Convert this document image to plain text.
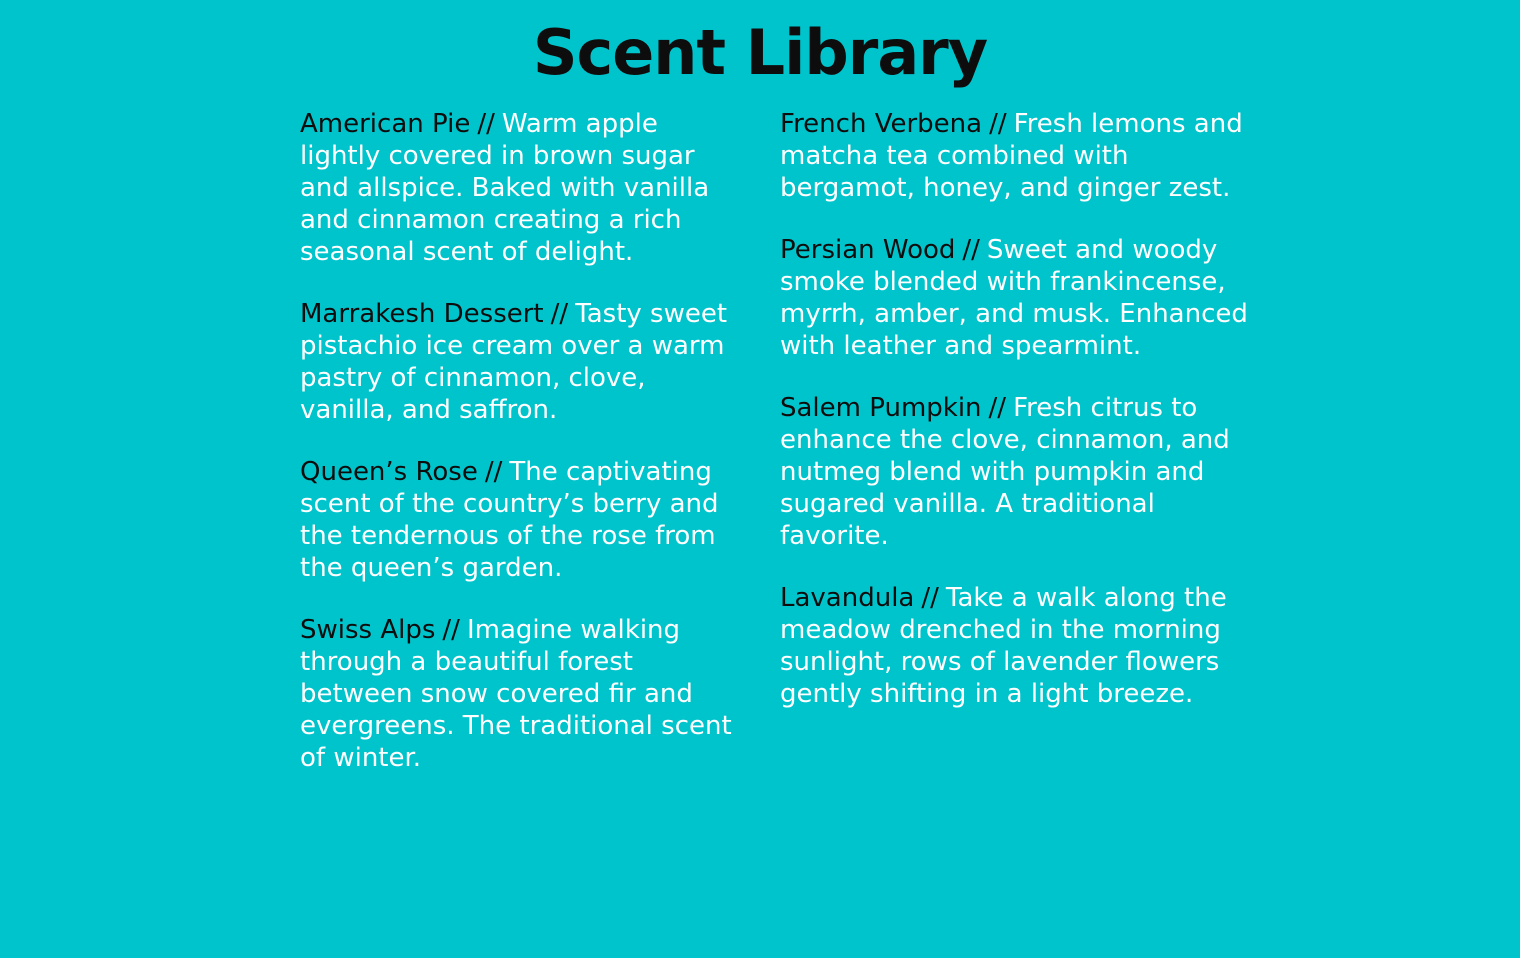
Scent Library

American Pie // Warm apple lightly covered in brown sugar and allspice. Baked with vanilla and cinnamon creating a rich seasonal scent of delight.

Marrakesh Dessert // Tasty sweet pistachio ice cream over a warm pastry of cinnamon, clove, vanilla, and saffron.

Queen’s Rose // The captivating scent of the country’s berry and the tendernous of the rose from the queen’s garden.

Swiss Alps // Imagine walking through a beautiful forest between snow covered fir and evergreens. The traditional scent of winter.

French Verbena // Fresh lemons and matcha tea combined with bergamot, honey, and ginger zest.

Persian Wood // Sweet and woody smoke blended with frankincense, myrrh, amber, and musk. Enhanced with leather and spearmint.

Salem Pumpkin // Fresh citrus to enhance the clove, cinnamon, and nutmeg blend with pumpkin and sugared vanilla. A traditional favorite.

Lavandula // Take a walk along the meadow drenched in the morning sunlight, rows of lavender flowers gently shifting in a light breeze.
